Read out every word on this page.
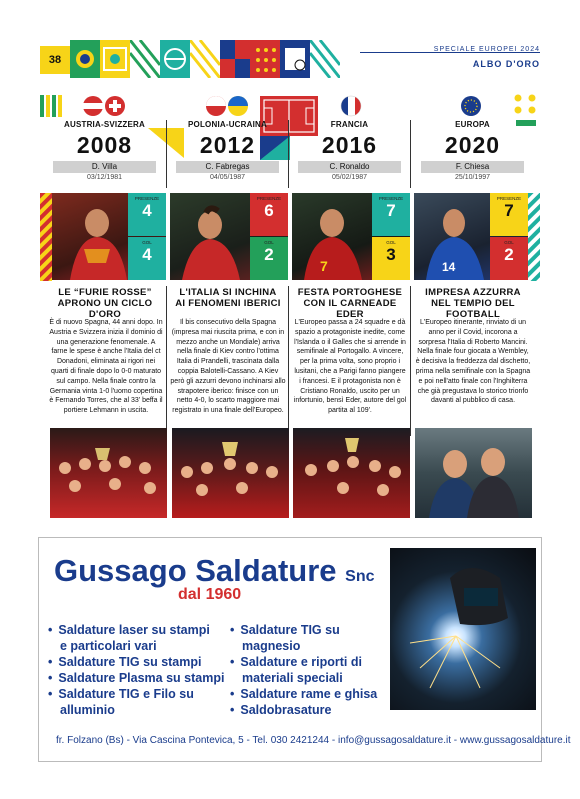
38
SPECIALE EUROPEI 2024
ALBO D'ORO
AUSTRIA-SVIZZERA
2008
D. Villa
03/12/1981
POLONIA-UCRAINA
2012
C. Fabregas
04/05/1987
FRANCIA
2016
C. Ronaldo
05/02/1987
EUROPA
2020
F. Chiesa
25/10/1997
PRESENZE
4
GOL
4
PRESENZE
6
GOL
2
7
PRESENZE
7
GOL
3
14
PRESENZE
7
GOL
2
LE “FURIE ROSSE”
APRONO UN CICLO D'ORO
L'ITALIA SI INCHINA
AI FENOMENI IBERICI
FESTA PORTOGHESE
CON IL CARNEADE EDER
IMPRESA AZZURRA
NEL TEMPIO DEL FOOTBALL
È di nuovo Spagna, 44 anni dopo. In Austria e Svizzera inizia il dominio di una generazione fenomenale. A farne le spese è anche l'Italia del ct Donadoni, eliminata ai rigori nei quarti di finale dopo lo 0-0 maturato sul campo. Nella finale contro la Germania vinta 1-0 l'uomo copertina è Fernando Torres, che al 33' beffa il portiere Lehmann in uscita.
Il bis consecutivo della Spagna (impresa mai riuscita prima, e con in mezzo anche un Mondiale) arriva nella finale di Kiev contro l'ottima Italia di Prandelli, trascinata dalla coppia Balotelli-Cassano. A Kiev però gli azzurri devono inchinarsi allo strapotere iberico: finisce con un netto 4-0, lo scarto maggiore mai registrato in una finale dell'Europeo.
L'Europeo passa a 24 squadre e dà spazio a protagoniste inedite, come l'Islanda o il Galles che si arrende in semifinale al Portogallo. A vincere, per la prima volta, sono proprio i lusitani, che a Parigi fanno piangere i francesi. E il protagonista non è Cristiano Ronaldo, uscito per un infortunio, bensì Eder, autore del gol partita al 109'.
L'Europeo itinerante, rinviato di un anno per il Covid, incorona a sorpresa l'Italia di Roberto Mancini. Nella finale four giocata a Wembley, è decisiva la freddezza dal dischetto, prima nella semifinale con la Spagna e poi nell'atto finale con l'Inghilterra che già pregustava lo storico trionfo davanti al pubblico di casa.
Gussago Saldature Snc
dal 1960
• Saldature laser su stampi
e particolari vari
• Saldature TIG su stampi
• Saldature Plasma su stampi
• Saldature TIG e Filo su
alluminio
• Saldature TIG su
magnesio
• Saldature e riporti di
materiali speciali
• Saldature rame e ghisa
• Saldobrasature
fr. Folzano (Bs) - Via Cascina Pontevica, 5 - Tel. 030 2421244 - info@gussagosaldature.it - www.gussagosaldature.it
